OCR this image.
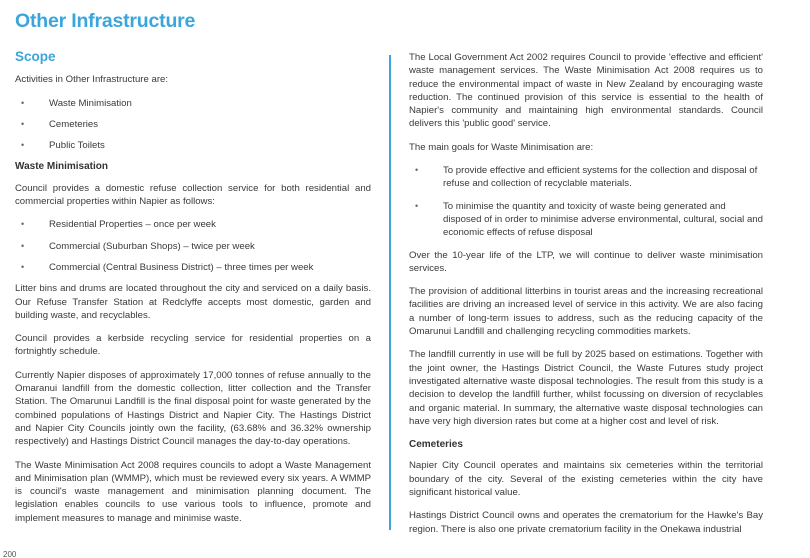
Other Infrastructure
Scope

Activities in Other Infrastructure are:

•	Waste Minimisation
•	Cemeteries
•	Public Toilets
Waste Minimisation

Council provides a domestic refuse collection service for both residential and commercial properties within Napier as follows:

•	Residential Properties – once per week
•	Commercial (Suburban Shops) – twice per week
•	Commercial (Central Business District) – three times per week

Litter bins and drums are located throughout the city and serviced on a daily basis. Our Refuse Transfer Station at Redclyffe accepts most domestic, garden and building waste, and recyclables.

Council provides a kerbside recycling service for residential properties on a fortnightly schedule.

Currently Napier disposes of approximately 17,000 tonnes of refuse annually to the Omaranui landfill from the domestic collection, litter collection and the Transfer Station. The Omarunui Landfill is the final disposal point for waste generated by the combined populations of Hastings District and Napier City. The Hastings District and Napier City Councils jointly own the facility, (63.68% and 36.32% ownership respectively) and Hastings District Council manages the day-to-day operations.

The Waste Minimisation Act 2008 requires councils to adopt a Waste Management and Minimisation plan (WMMP), which must be reviewed every six years. A WMMP is council's waste management and minimisation planning document. The legislation enables councils to use various tools to influence, promote and implement measures to manage and minimise waste.

The Local Government Act 2002 requires Council to provide 'effective and efficient' waste management services. The Waste Minimisation Act 2008 requires us to reduce the environmental impact of waste in New Zealand by encouraging waste reduction. The continued provision of this service is essential to the health of Napier's community and maintaining high environmental standards. Council delivers this 'public good' service.

The main goals for Waste Minimisation are:

•	To provide effective and efficient systems for the collection and disposal of refuse and collection of recyclable materials.
•	To minimise the quantity and toxicity of waste being generated and disposed of in order to minimise adverse environmental, cultural, social and economic effects of refuse disposal

Over the 10-year life of the LTP, we will continue to deliver waste minimisation services.

The provision of additional litterbins in tourist areas and the increasing recreational facilities are driving an increased level of service in this activity. We are also facing a number of long-term issues to address, such as the reducing capacity of the Omarunui Landfill and challenging recycling commodities markets.

The landfill currently in use will be full by 2025 based on estimations. Together with the joint owner, the Hastings District Council, the Waste Futures study project investigated alternative waste disposal technologies. The result from this study is a decision to develop the landfill further, whilst focussing on diversion of recyclables and organic material. In summary, the alternative waste disposal technologies can have very high diversion rates but come at a higher cost and level of risk.

Cemeteries

Napier City Council operates and maintains six cemeteries within the territorial boundary of the city. Several of the existing cemeteries within the city have significant historical value.

Hastings District Council owns and operates the crematorium for the Hawke's Bay region. There is also one private crematorium facility in the Onekawa industrial

200
